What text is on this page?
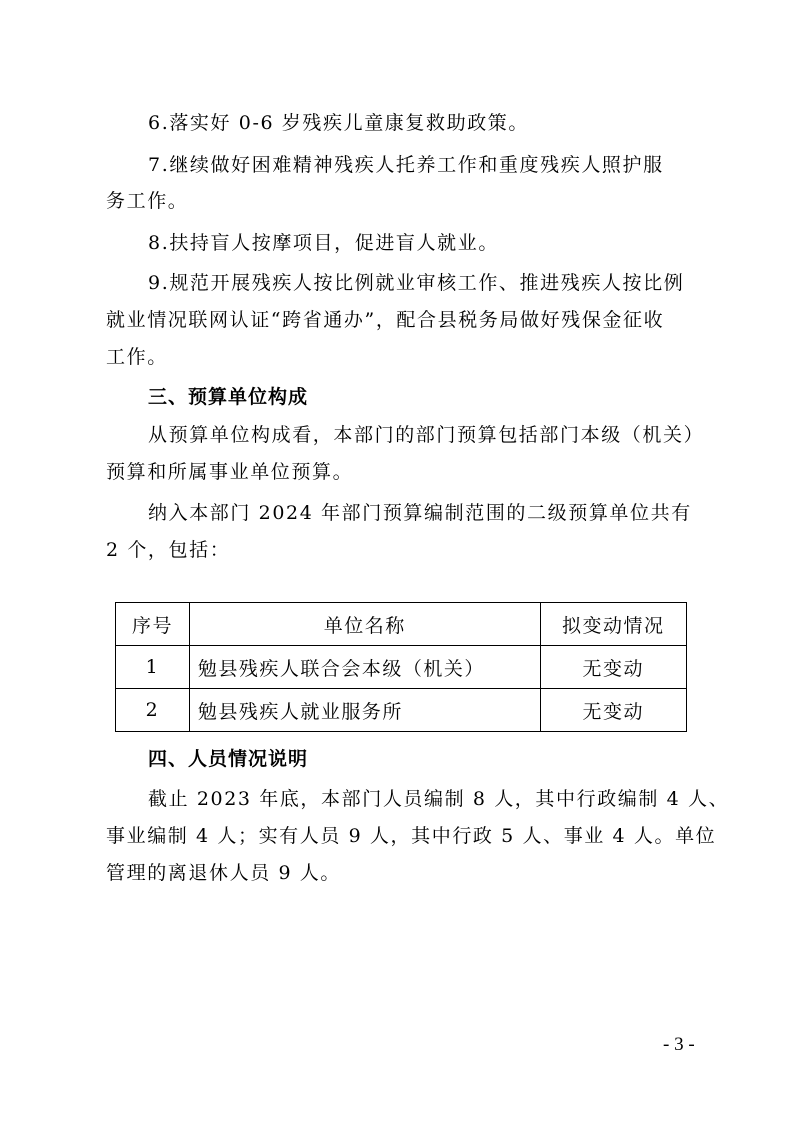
6.落实好 0-6 岁残疾儿童康复救助政策。
7.继续做好困难精神残疾人托养工作和重度残疾人照护服
务工作。
8.扶持盲人按摩项目，促进盲人就业。
9.规范开展残疾人按比例就业审核工作、推进残疾人按比例
就业情况联网认证“跨省通办”，配合县税务局做好残保金征收
工作。
三、预算单位构成
从预算单位构成看，本部门的部门预算包括部门本级（机关）
预算和所属事业单位预算。
纳入本部门 2024 年部门预算编制范围的二级预算单位共有
2 个，包括：
序号	单位名称	拟变动情况
1	勉县残疾人联合会本级（机关）	无变动
2	勉县残疾人就业服务所	无变动
四、人员情况说明
截止 2023 年底，本部门人员编制 8 人，其中行政编制 4 人、
事业编制 4 人；实有人员 9 人，其中行政 5 人、事业 4 人。单位
管理的离退休人员 9 人。
- 3 -
